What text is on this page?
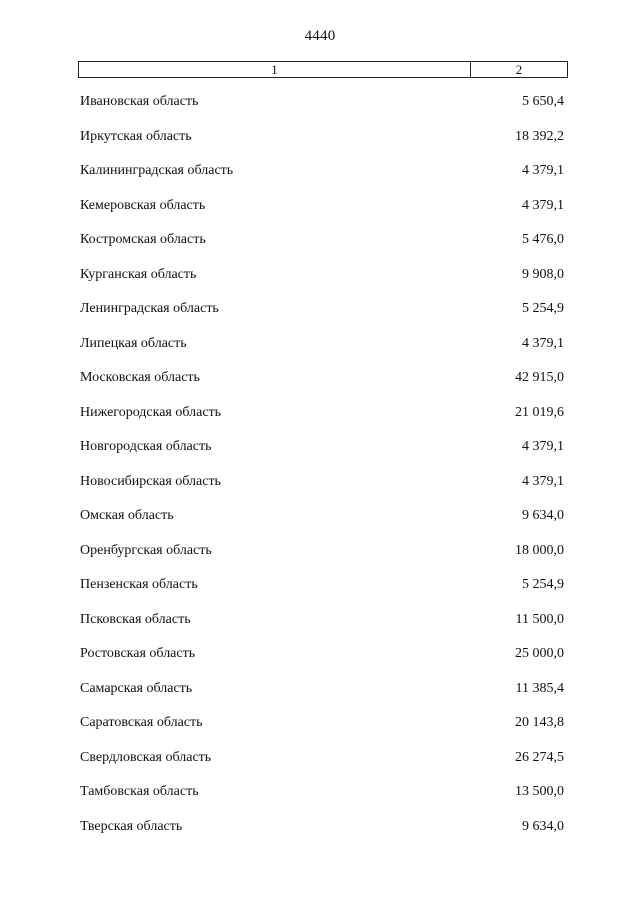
4440
1	2
Ивановская область	5 650,4
Иркутская область	18 392,2
Калининградская область	4 379,1
Кемеровская область	4 379,1
Костромская область	5 476,0
Курганская область	9 908,0
Ленинградская область	5 254,9
Липецкая область	4 379,1
Московская область	42 915,0
Нижегородская область	21 019,6
Новгородская область	4 379,1
Новосибирская область	4 379,1
Омская область	9 634,0
Оренбургская область	18 000,0
Пензенская область	5 254,9
Псковская область	11 500,0
Ростовская область	25 000,0
Самарская область	11 385,4
Саратовская область	20 143,8
Свердловская область	26 274,5
Тамбовская область	13 500,0
Тверская область	9 634,0
